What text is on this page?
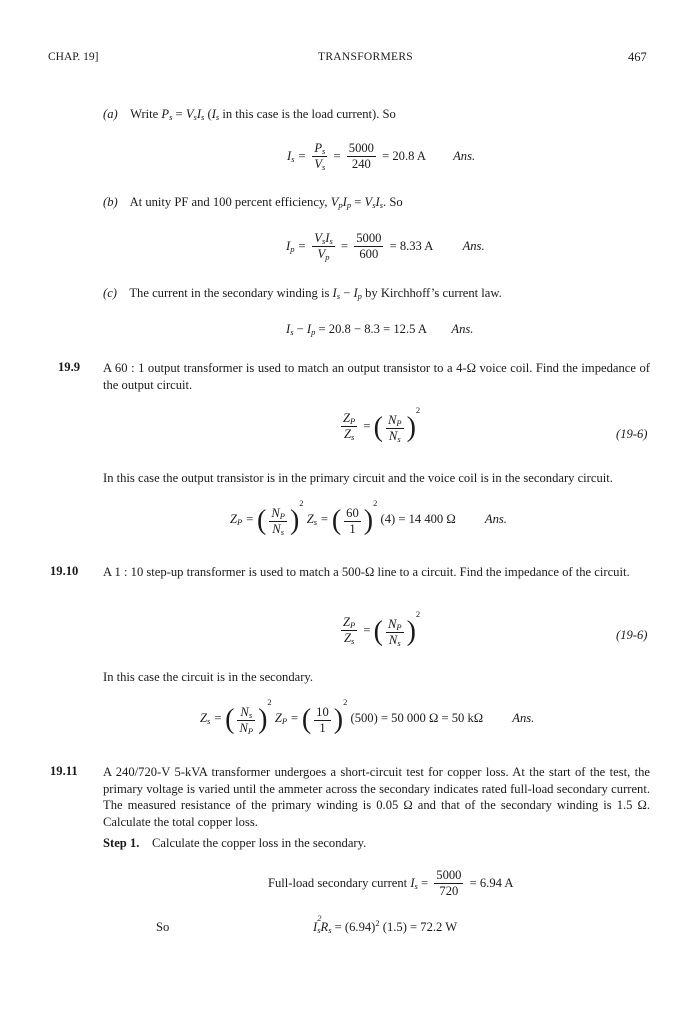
CHAP. 19]	TRANSFORMERS	467
(a) Write $P_s = V_sI_s$ ($I_s$ in this case is the load current). So
$I_s = \frac{P_s}{V_s} = \frac{5000}{240} = 20.8$ A Ans.
(b)    At unity PF and 100 percent efficiency, $V_pI_p = V_sI_s$. So
$I_p = \frac{V_sI_s}{V_p} = \frac{5000}{600} = 8.33$ A Ans.
(c)    The current in the secondary winding is $I_s - I_p$ by Kirchhoff’s current law.
$I_s - I_p = 20.8 - 8.3 = 12.5$ A Ans.
19.9 A 60 : 1 output transformer is used to match an output transistor to a 4-Ω voice coil. Find the impedance of the output circuit.
$\frac{Z_P}{Z_s}$ = ( $\frac{N_P}{N_s} )^2$
(19-6)
In this case the output transistor is in the primary circuit and the voice coil is in the secondary circuit.
$Z_P$ = ( $\frac{N_P}{N_s} )^2$ $Z_s$ = ( $\frac{60}{1} )^2$ (4) = 14 400 Ω Ans.
19.10 A 1 : 10 step-up transformer is used to match a 500-Ω line to a circuit. Find the impedance of the circuit.
$\frac{Z_P}{Z_s}$ = ( $\frac{N_P}{N_s} )^2$
(19-6)
In this case the circuit is in the secondary.
$Z_s$ = ( $\frac{N_s}{N_P} )^2$ $Z_P$ = ( $\frac{10}{1} )^2$ (500) = 50 000 Ω = 50 kΩ Ans.
19.11 A 240/720-V 5-kVA transformer undergoes a short-circuit test for copper loss. At the start of the test, the primary voltage is varied until the ammeter across the secondary indicates rated full-load secondary current. The measured resistance of the primary winding is 0.05 Ω and that of the secondary winding is 1.5 Ω. Calculate the total copper loss.
Step 1. Calculate the copper loss in the secondary.
Full-load secondary current $I_s = \frac{5000}{720} = 6.94$ A
So	I
2
$_sR_s = (6.94)^2$ (1.5) = 72.2 W
